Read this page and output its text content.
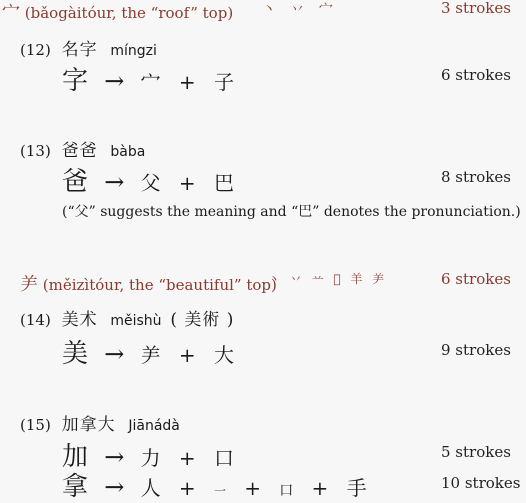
宀 (bǎogàitóur, the “roof” top) 丶 丷 宀	3 strokes
(12) 名字 míngzi
字 → 宀 + 子	6 strokes
(13) 爸爸 bàba
爸 → 父 + 巴	8 strokes
(“父” suggests the meaning and “巴” denotes the pronunciation.)
⺶ (měizìtóur, the “beautiful” top)
丶 丷 䒑 𦍍 羊 ⺶	6 strokes
(14) 美术 měishù ( 美術 )
美 → ⺶ + 大	9 strokes
(15) 加拿大 Jiānádà
加 → 力 + 口	5 strokes
拿 → 人 + 一 + 口 + 手	10 strokes
